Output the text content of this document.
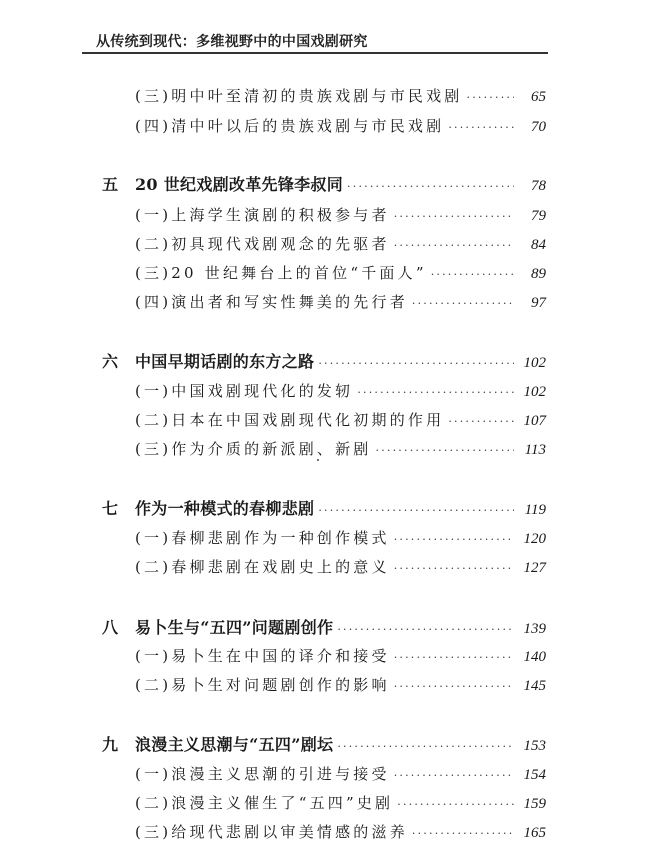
从传统到现代：多维视野中的中国戏剧研究
(三)明中叶至清初的贵族戏剧与市民戏剧 ·····	65
(四)清中叶以后的贵族戏剧与市民戏剧 ·····	70
五 20 世纪戏剧改革先锋李叔同 ·····	78
(一)上海学生演剧的积极参与者 ·····	79
(二)初具现代戏剧观念的先驱者 ·····	84
(三)20 世纪舞台上的首位“千面人” ·····	89
(四)演出者和写实性舞美的先行者 ·····	97
六 中国早期话剧的东方之路 ·····	102
(一)中国戏剧现代化的发轫 ·····	102
(二)日本在中国戏剧现代化初期的作用 ·····	107
(三)作为介质的新派剧、新剧 ·····	113
七 作为一种模式的春柳悲剧 ·····	119
(一)春柳悲剧作为一种创作模式 ·····	120
(二)春柳悲剧在戏剧史上的意义 ·····	127
八 易卜生与“五四”问题剧创作 ·····	139
(一)易卜生在中国的译介和接受 ·····	140
(二)易卜生对问题剧创作的影响 ·····	145
九 浪漫主义思潮与“五四”剧坛 ·····	153
(一)浪漫主义思潮的引进与接受 ·····	154
(二)浪漫主义催生了“五四”史剧 ·····	159
(三)给现代悲剧以审美情感的滋养 ·····	165
